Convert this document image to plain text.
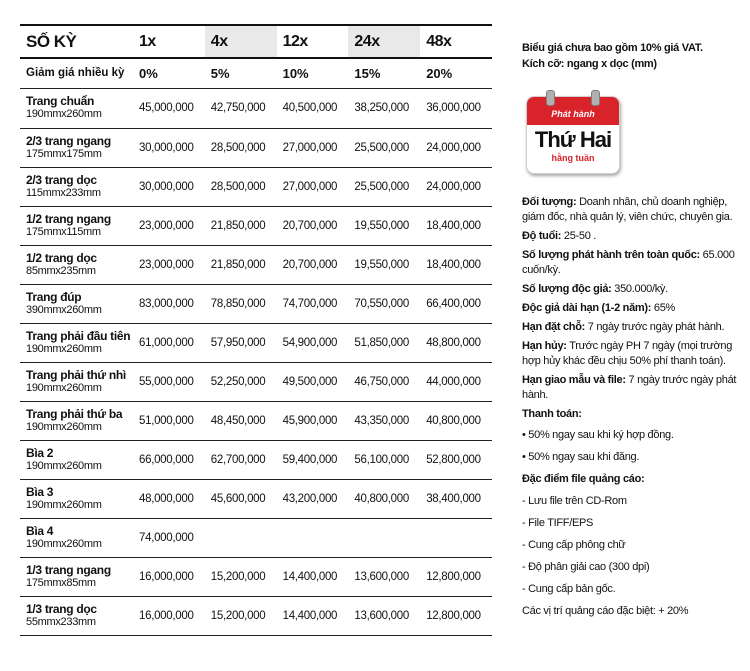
SỐ KỲ	1x	4x	12x	24x	48x
Giảm giá nhiều kỳ	0%	5%	10%	15%	20%

Trang chuẩn
190mmx260mm	45,000,000	42,750,000	40,500,000	38,250,000	36,000,000

2/3 trang ngang
175mmx175mm	30,000,000	28,500,000	27,000,000	25,500,000	24,000,000

2/3 trang dọc
115mmx233mm	30,000,000	28,500,000	27,000,000	25,500,000	24,000,000

1/2 trang ngang
175mmx115mm	23,000,000	21,850,000	20,700,000	19,550,000	18,400,000

1/2 trang dọc
85mmx235mm	23,000,000	21,850,000	20,700,000	19,550,000	18,400,000

Trang đúp
390mmx260mm	83,000,000	78,850,000	74,700,000	70,550,000	66,400,000

Trang phải đầu tiên
190mmx260mm	61,000,000	57,950,000	54,900,000	51,850,000	48,800,000

Trang phải thứ nhì
190mmx260mm	55,000,000	52,250,000	49,500,000	46,750,000	44,000,000

Trang phải thứ ba
190mmx260mm	51,000,000	48,450,000	45,900,000	43,350,000	40,800,000

Bìa 2
190mmx260mm	66,000,000	62,700,000	59,400,000	56,100,000	52,800,000

Bìa 3
190mmx260mm	48,000,000	45,600,000	43,200,000	40,800,000	38,400,000

Bìa 4
190mmx260mm	74,000,000				

1/3 trang ngang
175mmx85mm	16,000,000	15,200,000	14,400,000	13,600,000	12,800,000

1/3 trang dọc
55mmx233mm	16,000,000	15,200,000	14,400,000	13,600,000	12,800,000
Biểu giá chưa bao gồm 10% giá VAT.
Kích cỡ: ngang x dọc (mm)
Phát hành
Thứ Hai
hằng tuần

Đối tượng: Doanh nhân, chủ doanh nghiệp, giám đốc, nhà quản lý, viên chức, chuyên gia.

Độ tuổi: 25-50 .

Số lượng phát hành trên toàn quốc: 65.000 cuốn/kỳ.

Số lượng độc giả: 350.000/kỳ.

Độc giả dài hạn (1-2 năm): 65%

Hạn đặt chỗ: 7 ngày trước ngày phát hành.

Hạn hủy: Trước ngày PH 7 ngày (mọi trường hợp hủy khác đều chịu 50% phí thanh toán).

Hạn giao mẫu và file: 7 ngày trước ngày phát hành.

Thanh toán:

• 50% ngay sau khi ký hợp đồng.
• 50% ngay sau khi đăng.

Đặc điểm file quảng cáo:

- Lưu file trên CD-Rom
- File TIFF/EPS
- Cung cấp phông chữ
- Độ phân giải cao (300 dpi)
- Cung cấp bản gốc.
Các vị trí quảng cáo đặc biệt: + 20%
